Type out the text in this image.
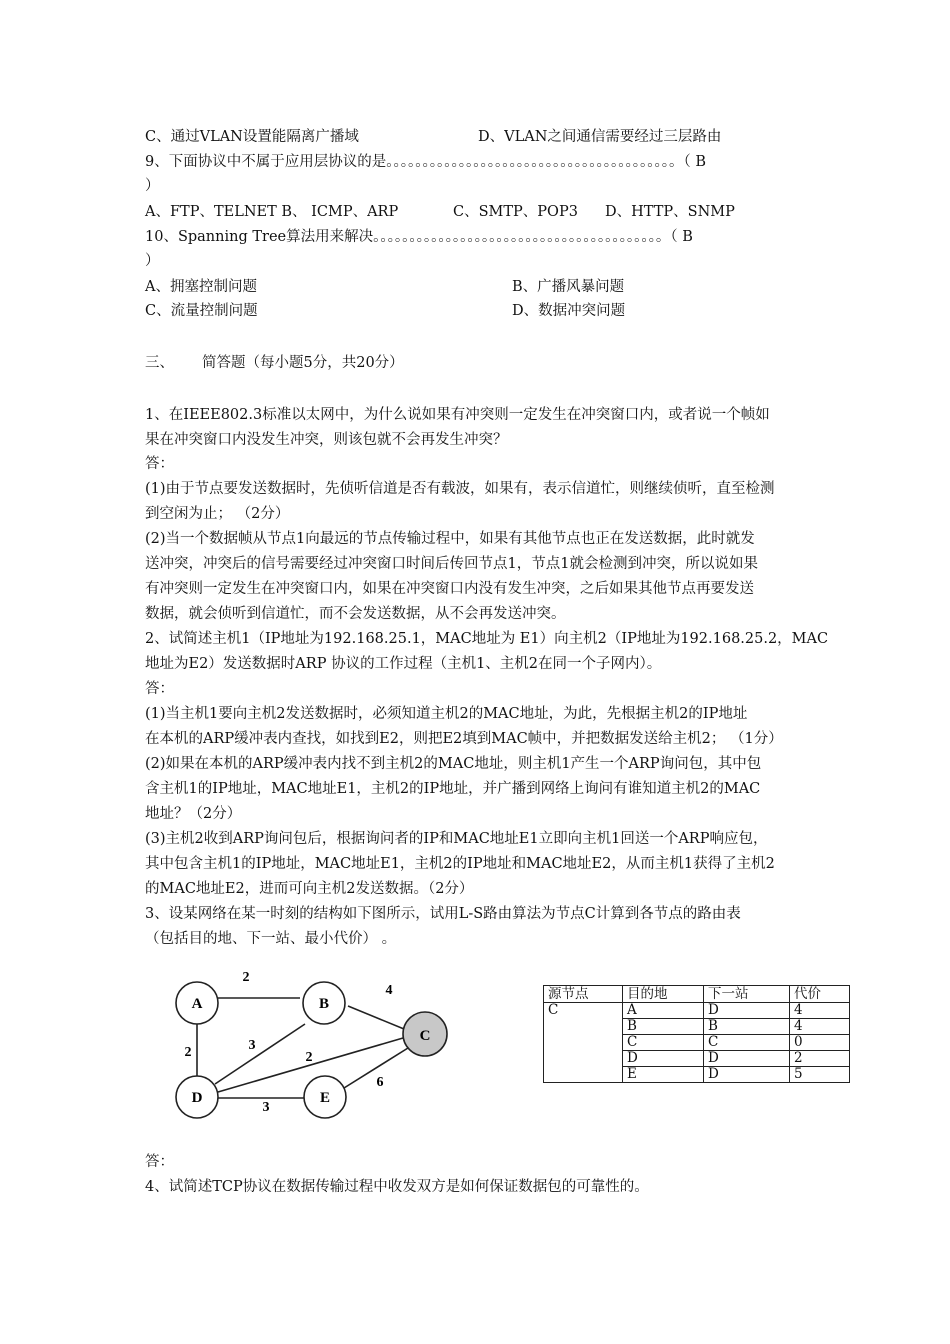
C、通过VLAN设置能隔离广播域	D、VLAN之间通信需要经过三层路由
9、下面协议中不属于应用层协议的是。。。。。。。。。。。。。。。。。。。。。。。。。。。。。。。。。。。。。。。。（ B
）
A、FTP、TELNET B、 ICMP、ARP	C、SMTP、POP3 D、HTTP、SNMP
10、Spanning Tree算法用来解决。。。。。。。。。。。。。。。。。。。。。。。。。。。。。。。。。。。。。。。。（ B
）
A、拥塞控制问题	B、广播风暴问题
C、流量控制问题	D、数据冲突问题
三、 简答题（每小题5分，共20分）
1、在IEEE802.3标准以太网中，为什么说如果有冲突则一定发生在冲突窗口内，或者说一个帧如
果在冲突窗口内没发生冲突，则该包就不会再发生冲突？
答：
(1)由于节点要发送数据时，先侦听信道是否有载波，如果有，表示信道忙，则继续侦听，直至检测
到空闲为止； （2分）
(2)当一个数据帧从节点1向最远的节点传输过程中，如果有其他节点也正在发送数据，此时就发
送冲突，冲突后的信号需要经过冲突窗口时间后传回节点1，节点1就会检测到冲突，所以说如果
有冲突则一定发生在冲突窗口内，如果在冲突窗口内没有发生冲突，之后如果其他节点再要发送
数据，就会侦听到信道忙，而不会发送数据，从不会再发送冲突。
2、试简述主机1（IP地址为192.168.25.1，MAC地址为 E1）向主机2（IP地址为192.168.25.2，MAC
地址为E2）发送数据时ARP 协议的工作过程（主机1、主机2在同一个子网内）。
答：
(1)当主机1要向主机2发送数据时，必须知道主机2的MAC地址，为此，先根据主机2的IP地址
在本机的ARP缓冲表内查找，如找到E2，则把E2填到MAC帧中，并把数据发送给主机2； （1分）
(2)如果在本机的ARP缓冲表内找不到主机2的MAC地址，则主机1产生一个ARP询问包，其中包
含主机1的IP地址，MAC地址E1，主机2的IP地址，并广播到网络上询问有谁知道主机2的MAC
地址？（2分）
(3)主机2收到ARP询问包后，根据询问者的IP和MAC地址E1立即向主机1回送一个ARP响应包，
其中包含主机1的IP地址，MAC地址E1，主机2的IP地址和MAC地址E2，从而主机1获得了主机2
的MAC地址E2，进而可向主机2发送数据。（2分）
3、设某网络在某一时刻的结构如下图所示，试用L-S路由算法为节点C计算到各节点的路由表
（包括目的地、下一站、最小代价） 。
A	B
C
D	E
2
4
2	3
2
6
3
源节点	目的地	下一站	代价
C	A	D	4
	B	B	4
	C	C	0
	D	D	2
	E	D	5
答：
4、试简述TCP协议在数据传输过程中收发双方是如何保证数据包的可靠性的。
